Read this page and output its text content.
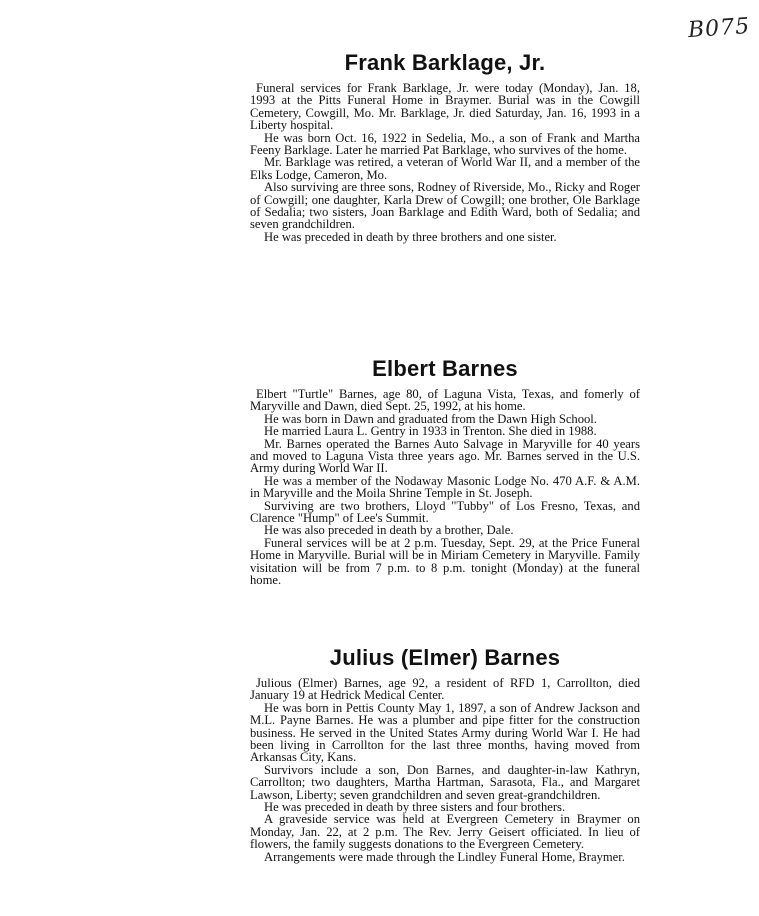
B075
Frank Barklage, Jr.

Funeral services for Frank Barklage, Jr. were today (Monday), Jan. 18, 1993 at the Pitts Funeral Home in Braymer. Burial was in the Cowgill Cemetery, Cowgill, Mo. Mr. Barklage, Jr. died Saturday, Jan. 16, 1993 in a Liberty hospital.

He was born Oct. 16, 1922 in Sedelia, Mo., a son of Frank and Martha Feeny Barklage. Later he married Pat Barklage, who survives of the home.

Mr. Barklage was retired, a veteran of World War II, and a member of the Elks Lodge, Cameron, Mo.

Also surviving are three sons, Rodney of Riverside, Mo., Ricky and Roger of Cowgill; one daughter, Karla Drew of Cowgill; one brother, Ole Barklage of Sedalia; two sisters, Joan Barklage and Edith Ward, both of Sedalia; and seven grandchildren.

He was preceded in death by three brothers and one sister.

Elbert Barnes

Elbert "Turtle" Barnes, age 80, of Laguna Vista, Texas, and fomerly of Maryville and Dawn, died Sept. 25, 1992, at his home.

He was born in Dawn and graduated from the Dawn High School.

He married Laura L. Gentry in 1933 in Trenton. She died in 1988.

Mr. Barnes operated the Barnes Auto Salvage in Maryville for 40 years and moved to Laguna Vista three years ago. Mr. Barnes served in the U.S. Army during World War II.

He was a member of the Nodaway Masonic Lodge No. 470 A.F. & A.M. in Maryville and the Moila Shrine Temple in St. Joseph.

Surviving are two brothers, Lloyd "Tubby" of Los Fresno, Texas, and Clarence "Hump" of Lee's Summit.

He was also preceded in death by a brother, Dale.

Funeral services will be at 2 p.m. Tuesday, Sept. 29, at the Price Funeral Home in Maryville. Burial will be in Miriam Cemetery in Maryville. Family visitation will be from 7 p.m. to 8 p.m. tonight (Monday) at the funeral home.

Julius (Elmer) Barnes

Julious (Elmer) Barnes, age 92, a resident of RFD 1, Carrollton, died January 19 at Hedrick Medical Center.

He was born in Pettis County May 1, 1897, a son of Andrew Jackson and M.L. Payne Barnes. He was a plumber and pipe fitter for the construction business. He served in the United States Army during World War I. He had been living in Carrollton for the last three months, having moved from Arkansas City, Kans.

Survivors include a son, Don Barnes, and daughter-in-law Kathryn, Carrollton; two daughters, Martha Hartman, Sarasota, Fla., and Margaret Lawson, Liberty; seven grandchildren and seven great-grandchildren.

He was preceded in death by three sisters and four brothers.

A graveside service was held at Evergreen Cemetery in Braymer on Monday, Jan. 22, at 2 p.m. The Rev. Jerry Geisert officiated. In lieu of flowers, the family suggests donations to the Evergreen Cemetery.

Arrangements were made through the Lindley Funeral Home, Braymer.
